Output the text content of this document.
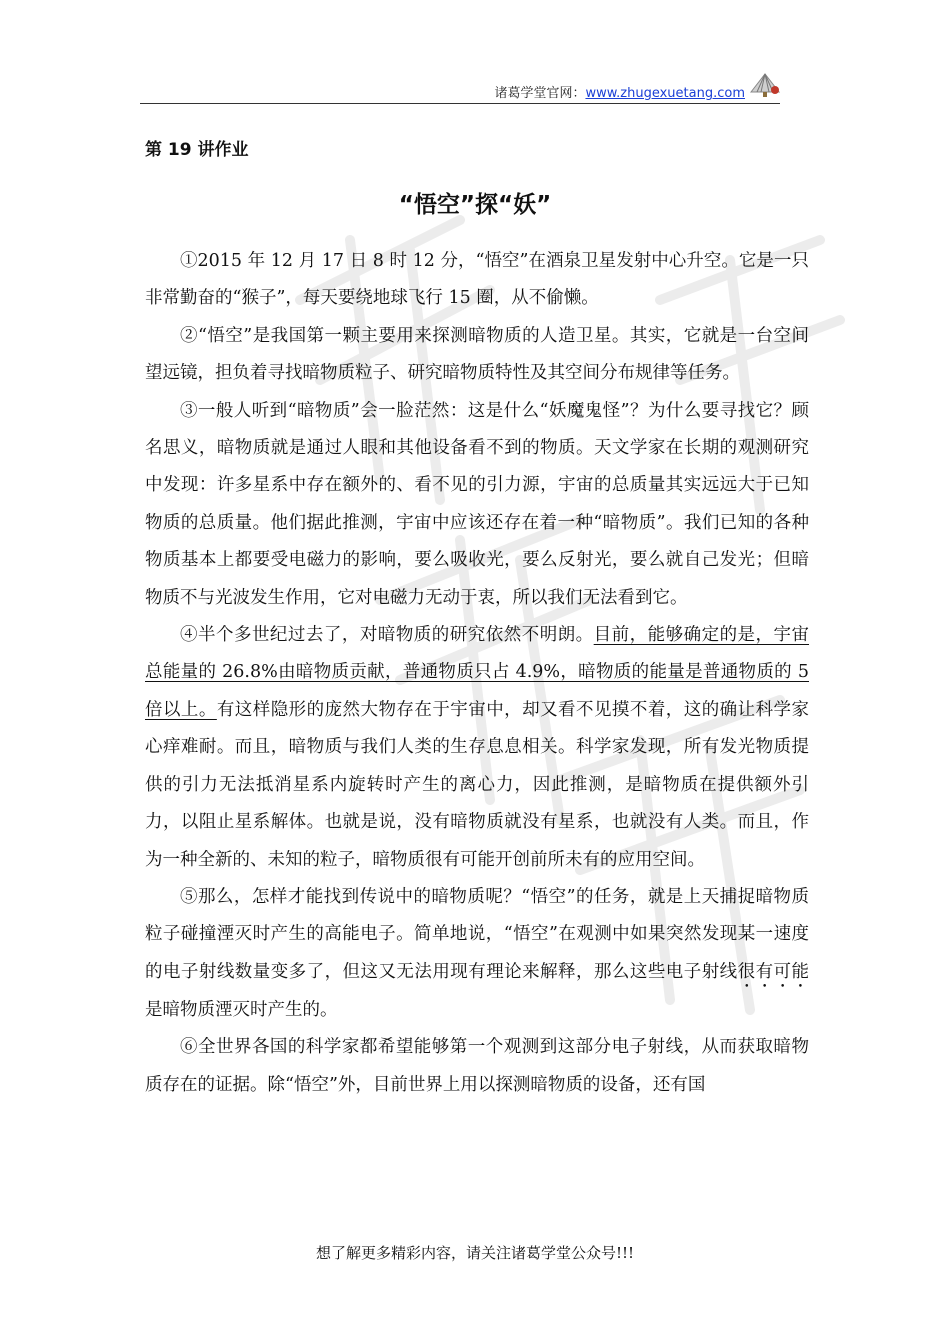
诸葛学堂官网：www.zhugexuetang.com
第 19 讲作业
“悟空”探“妖”

①2015 年 12 月 17 日 8 时 12 分，“悟空”在酒泉卫星发射中心升空。它是一只非常勤奋的“猴子”，每天要绕地球飞行 15 圈，从不偷懒。

②“悟空”是我国第一颗主要用来探测暗物质的人造卫星。其实，它就是一台空间望远镜，担负着寻找暗物质粒子、研究暗物质特性及其空间分布规律等任务。

③一般人听到“暗物质”会一脸茫然：这是什么“妖魔鬼怪”？为什么要寻找它？顾名思义，暗物质就是通过人眼和其他设备看不到的物质。天文学家在长期的观测研究中发现：许多星系中存在额外的、看不见的引力源，宇宙的总质量其实远远大于已知物质的总质量。他们据此推测，宇宙中应该还存在着一种“暗物质”。我们已知的各种物质基本上都要受电磁力的影响，要么吸收光，要么反射光，要么就自己发光；但暗物质不与光波发生作用，它对电磁力无动于衷，所以我们无法看到它。

④半个多世纪过去了，对暗物质的研究依然不明朗。目前，能够确定的是，宇宙总能量的 26.8%由暗物质贡献，普通物质只占 4.9%，暗物质的能量是普通物质的 5 倍以上。有这样隐形的庞然大物存在于宇宙中，却又看不见摸不着，这的确让科学家心痒难耐。而且，暗物质与我们人类的生存息息相关。科学家发现，所有发光物质提供的引力无法抵消星系内旋转时产生的离心力，因此推测，是暗物质在提供额外引力，以阻止星系解体。也就是说，没有暗物质就没有星系，也就没有人类。而且，作为一种全新的、未知的粒子，暗物质很有可能开创前所未有的应用空间。

⑤那么，怎样才能找到传说中的暗物质呢？“悟空”的任务，就是上天捕捉暗物质粒子碰撞湮灭时产生的高能电子。简单地说，“悟空”在观测中如果突然发现某一速度的电子射线数量变多了，但这又无法用现有理论来解释，那么这些电子射线很有可能是暗物质湮灭时产生的。

⑥全世界各国的科学家都希望能够第一个观测到这部分电子射线，从而获取暗物质存在的证据。除“悟空”外，目前世界上用以探测暗物质的设备，还有国

想了解更多精彩内容，请关注诸葛学堂公众号!!!
